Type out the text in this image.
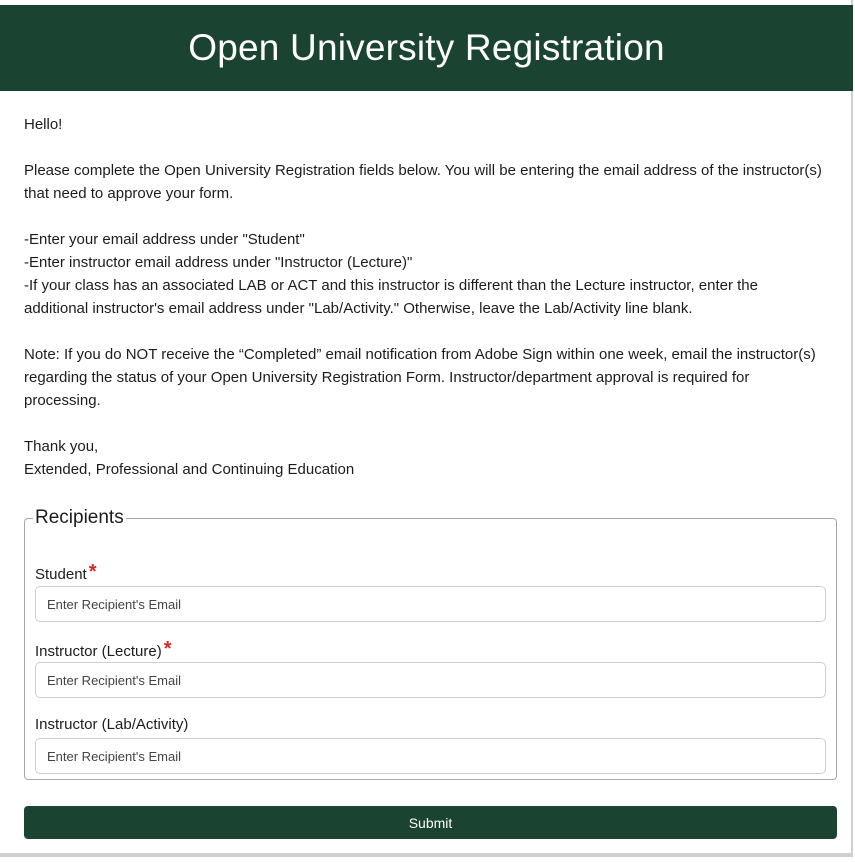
Open University Registration

Hello!

Please complete the Open University Registration fields below. You will be entering the email address of the instructor(s) that need to approve your form.

-Enter your email address under "Student"

-Enter instructor email address under "Instructor (Lecture)"

-If your class has an associated LAB or ACT and this instructor is different than the Lecture instructor, enter the additional instructor's email address under "Lab/Activity." Otherwise, leave the Lab/Activity line blank.

Note: If you do NOT receive the “Completed” email notification from Adobe Sign within one week, email the instructor(s) regarding the status of your Open University Registration Form. Instructor/department approval is required for processing.

Thank you,

Extended, Professional and Continuing Education

Recipients
Student *
Enter Recipient's Email
Instructor (Lecture) *
Enter Recipient's Email
Instructor (Lab/Activity)
Enter Recipient's Email
Submit
